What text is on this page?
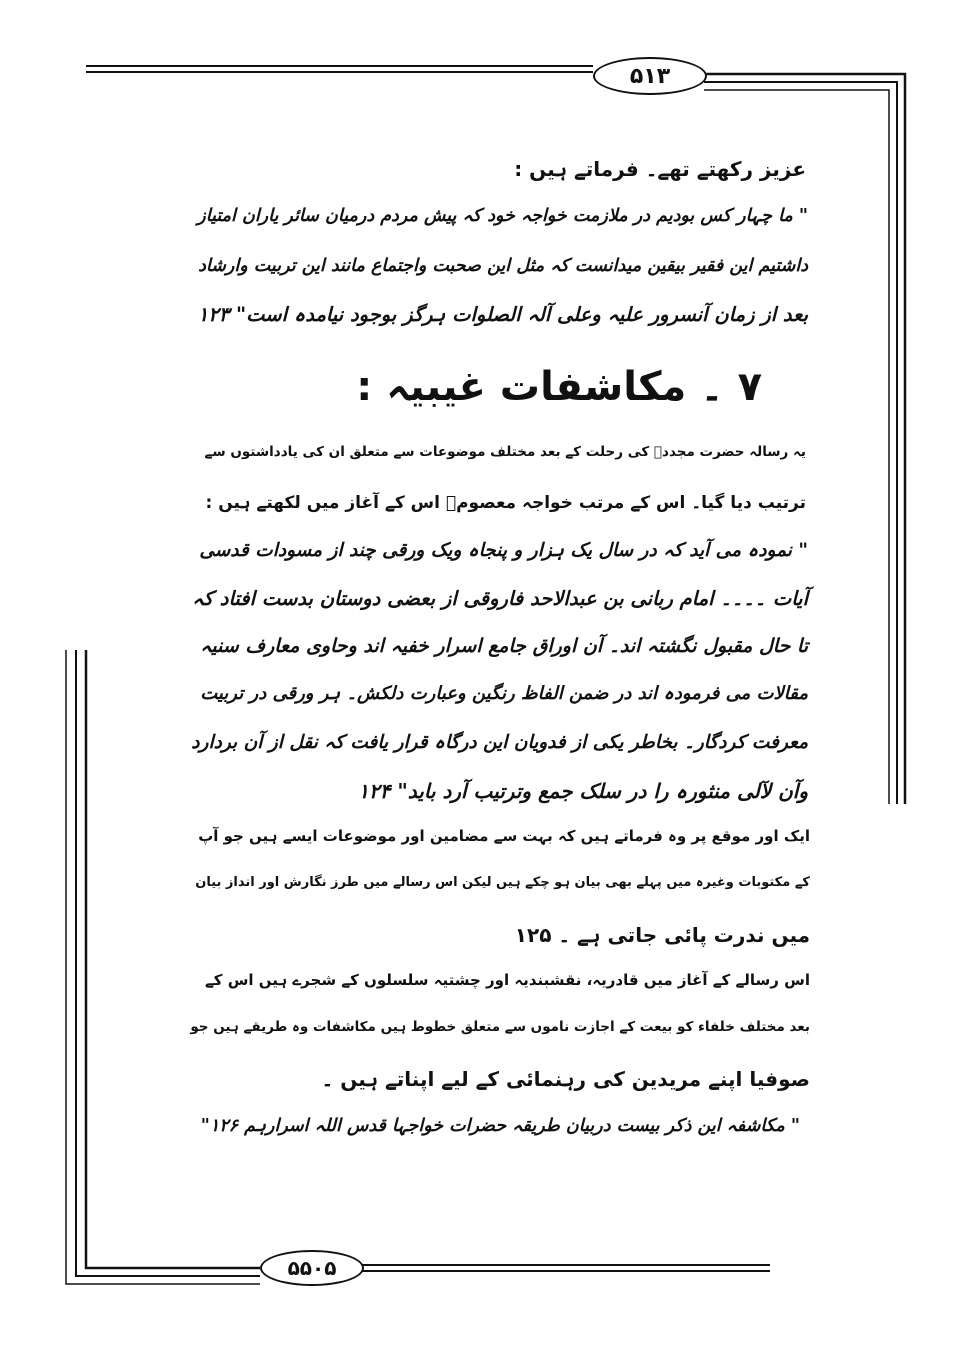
۵۱۳
۵۵۰۵
عزیز رکھتے تھے۔ فرماتے ہیں :
" ما چہار کس بودیم در ملازمت خواجہ خود کہ پیش مردم درمیان سائر یاران امتیاز
داشتیم این فقیر بیقین میدانست کہ مثل این صحبت واجتماع مانند این تربیت وارشاد
بعد از زمان آنسرور علیہ وعلی آلہ الصلوات ہرگز بوجود نیامدہ است" ۱۲۳
۷ ۔ مکاشفات غیبیہ :
یہ رسالہ حضرت مجددؒ کی رحلت کے بعد مختلف موضوعات سے متعلق ان کی یادداشتوں سے
ترتیب دیا گیا۔ اس کے مرتب خواجہ معصومؒ اس کے آغاز میں لکھتے ہیں :
" نمودہ می آید کہ در سال یک ہزار و پنجاہ ویک ورقی چند از مسودات قدسی
آیات ۔۔۔۔ امام ربانی بن عبدالاحد فاروقی از بعضی دوستان بدست افتاد کہ
تا حال مقبول نگشتہ اند۔ آن اوراق جامع اسرار خفیہ اند وحاوی معارف سنیہ
مقالات می فرمودہ اند در ضمن الفاظ رنگین وعبارت دلکش۔ ہر ورقی در تربیت
معرفت کردگار۔ بخاطر یکی از فدویان این درگاہ قرار یافت کہ نقل از آن بردارد
وآن لآلی منثورہ را در سلک جمع وترتیب آرد باید" ۱۲۴
ایک اور موقع پر وہ فرماتے ہیں کہ بہت سے مضامین اور موضوعات ایسے ہیں جو آپ
کے مکتوبات وغیرہ میں پہلے بھی بیان ہو چکے ہیں لیکن اس رسالے میں طرز نگارش اور انداز بیان
میں ندرت پائی جاتی ہے ۔ ۱۲۵
اس رسالے کے آغاز میں قادریہ، نقشبندیہ اور چشتیہ سلسلوں کے شجرے ہیں اس کے
بعد مختلف خلفاء کو بیعت کے اجازت ناموں سے متعلق خطوط ہیں مکاشفات وہ طریقے ہیں جو
صوفیا اپنے مریدین کی رہنمائی کے لیے اپناتے ہیں ۔
" مکاشفہ این ذکر بیست دربیان طریقہ حضرات خواجہا قدس اللہ اسرارہم ۱۲۶"
